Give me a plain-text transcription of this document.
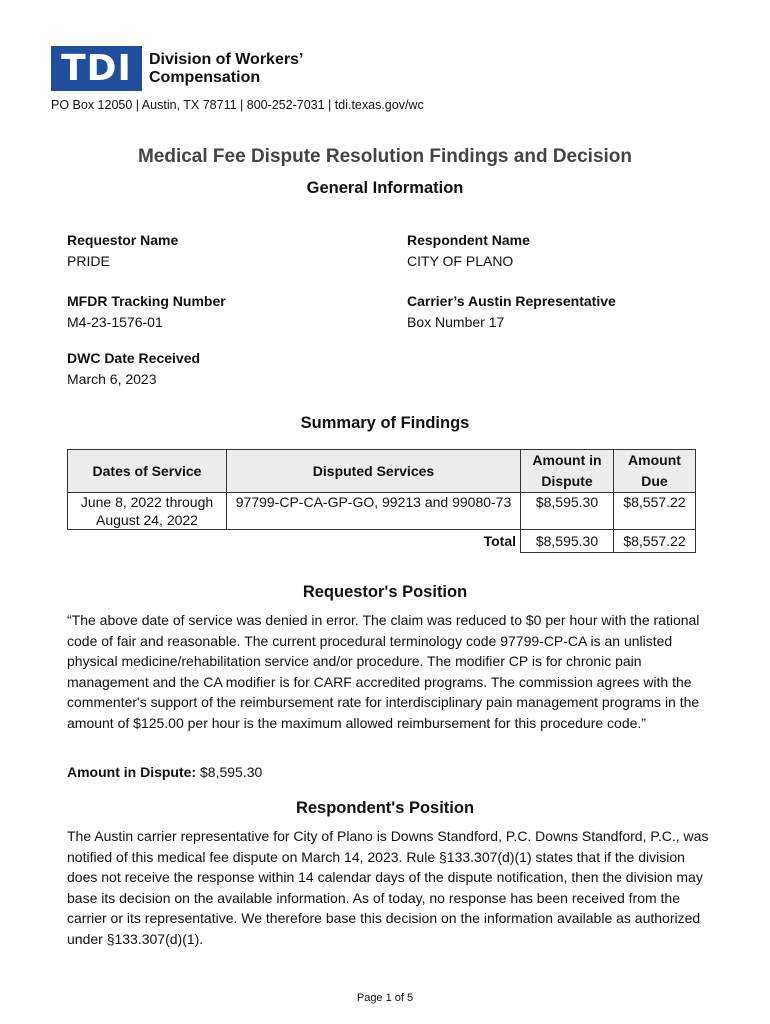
TDI	Division of Workers’
Compensation
PO Box 12050 | Austin, TX 78711 | 800-252-7031 | tdi.texas.gov/wc
Medical Fee Dispute Resolution Findings and Decision
General Information
Requestor Name
PRIDE
Respondent Name
CITY OF PLANO
MFDR Tracking Number
M4-23-1576-01
Carrier’s Austin Representative
Box Number 17
DWC Date Received
March 6, 2023
Summary of Findings
Dates of Service	Disputed Services	Amount in Dispute	Amount Due
June 8, 2022 through August 24, 2022	97799-CP-CA-GP-GO, 99213 and 99080-73	$8,595.30	$8,557.22
	Total	$8,595.30	$8,557.22
Requestor's Position
“The above date of service was denied in error. The claim was reduced to $0 per hour with the rational code of fair and reasonable. The current procedural terminology code 97799-CP-CA is an unlisted physical medicine/rehabilitation service and/or procedure. The modifier CP is for chronic pain management and the CA modifier is for CARF accredited programs. The commission agrees with the commenter's support of the reimbursement rate for interdisciplinary pain management programs in the amount of $125.00 per hour is the maximum allowed reimbursement for this procedure code.”
Amount in Dispute: $8,595.30
Respondent's Position
The Austin carrier representative for City of Plano is Downs Standford, P.C. Downs Standford, P.C., was notified of this medical fee dispute on March 14, 2023. Rule §133.307(d)(1) states that if the division does not receive the response within 14 calendar days of the dispute notification, then the division may base its decision on the available information. As of today, no response has been received from the carrier or its representative. We therefore base this decision on the information available as authorized under §133.307(d)(1).
Page 1 of 5
